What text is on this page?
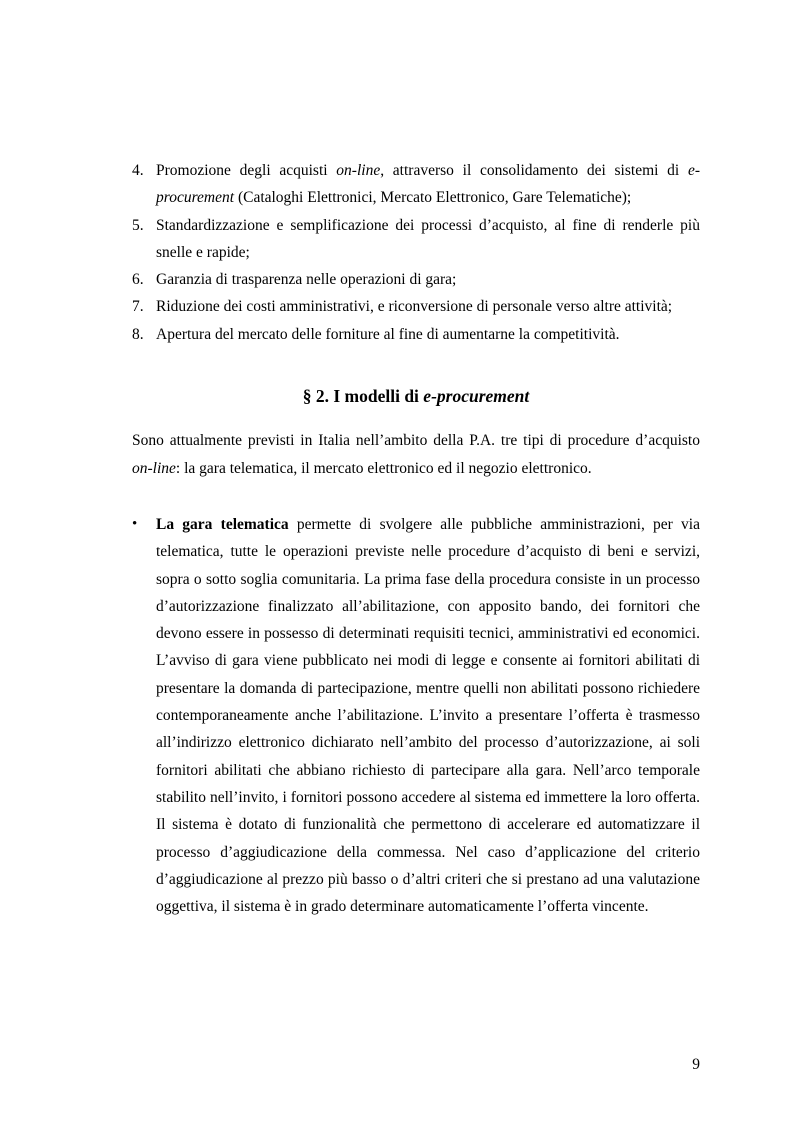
4. Promozione degli acquisti on-line, attraverso il consolidamento dei sistemi di e-procurement (Cataloghi Elettronici, Mercato Elettronico, Gare Telematiche);
5. Standardizzazione e semplificazione dei processi d’acquisto, al fine di renderle più snelle e rapide;
6. Garanzia di trasparenza nelle operazioni di gara;
7. Riduzione dei costi amministrativi, e riconversione di personale verso altre attività;
8. Apertura del mercato delle forniture al fine di aumentarne la competitività.
§ 2. I modelli di e-procurement

Sono attualmente previsti in Italia nell’ambito della P.A. tre tipi di procedure d’acquisto
on-line: la gara telematica, il mercato elettronico ed il negozio elettronico.

• La gara telematica permette di svolgere alle pubbliche amministrazioni, per via telematica, tutte le operazioni previste nelle procedure d’acquisto di beni e servizi, sopra o sotto soglia comunitaria. La prima fase della procedura consiste in un processo d’autorizzazione finalizzato all’abilitazione, con apposito bando, dei fornitori che devono essere in possesso di determinati requisiti tecnici, amministrativi ed economici. L’avviso di gara viene pubblicato nei modi di legge e consente ai fornitori abilitati di presentare la domanda di partecipazione, mentre quelli non abilitati possono richiedere contemporaneamente anche l’abilitazione. L’invito a presentare l’offerta è trasmesso all’indirizzo elettronico dichiarato nell’ambito del processo d’autorizzazione, ai soli fornitori abilitati che abbiano richiesto di partecipare alla gara. Nell’arco temporale stabilito nell’invito, i fornitori possono accedere al sistema ed immettere la loro offerta. Il sistema è dotato di funzionalità che permettono di accelerare ed automatizzare il processo d’aggiudicazione della commessa. Nel caso d’applicazione del criterio d’aggiudicazione al prezzo più basso o d’altri criteri che si prestano ad una valutazione oggettiva, il sistema è in grado determinare automaticamente l’offerta vincente.

9
